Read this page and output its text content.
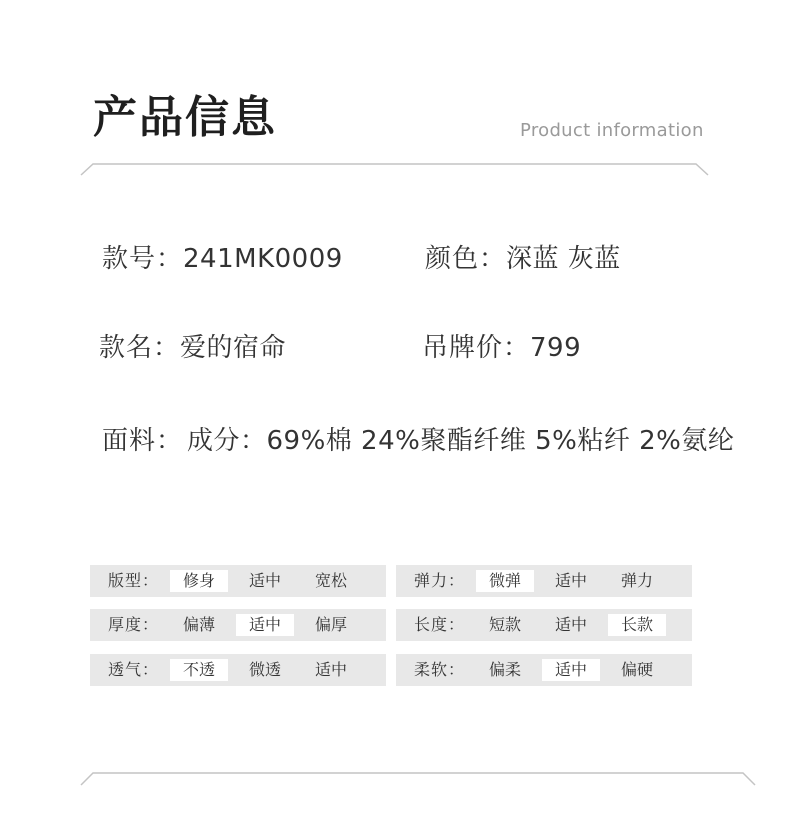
产品信息	Product information
款号：241MK0009	颜色：深蓝 灰蓝
款名：爱的宿命	吊牌价：799
面料： 成分：69%棉 24%聚酯纤维 5%粘纤 2%氨纶
版型：	修身	适中	宽松	弹力：	微弹	适中	弹力
厚度：	偏薄	适中	偏厚	长度：	短款	适中	长款
透气：	不透	微透	适中	柔软：	偏柔	适中	偏硬
